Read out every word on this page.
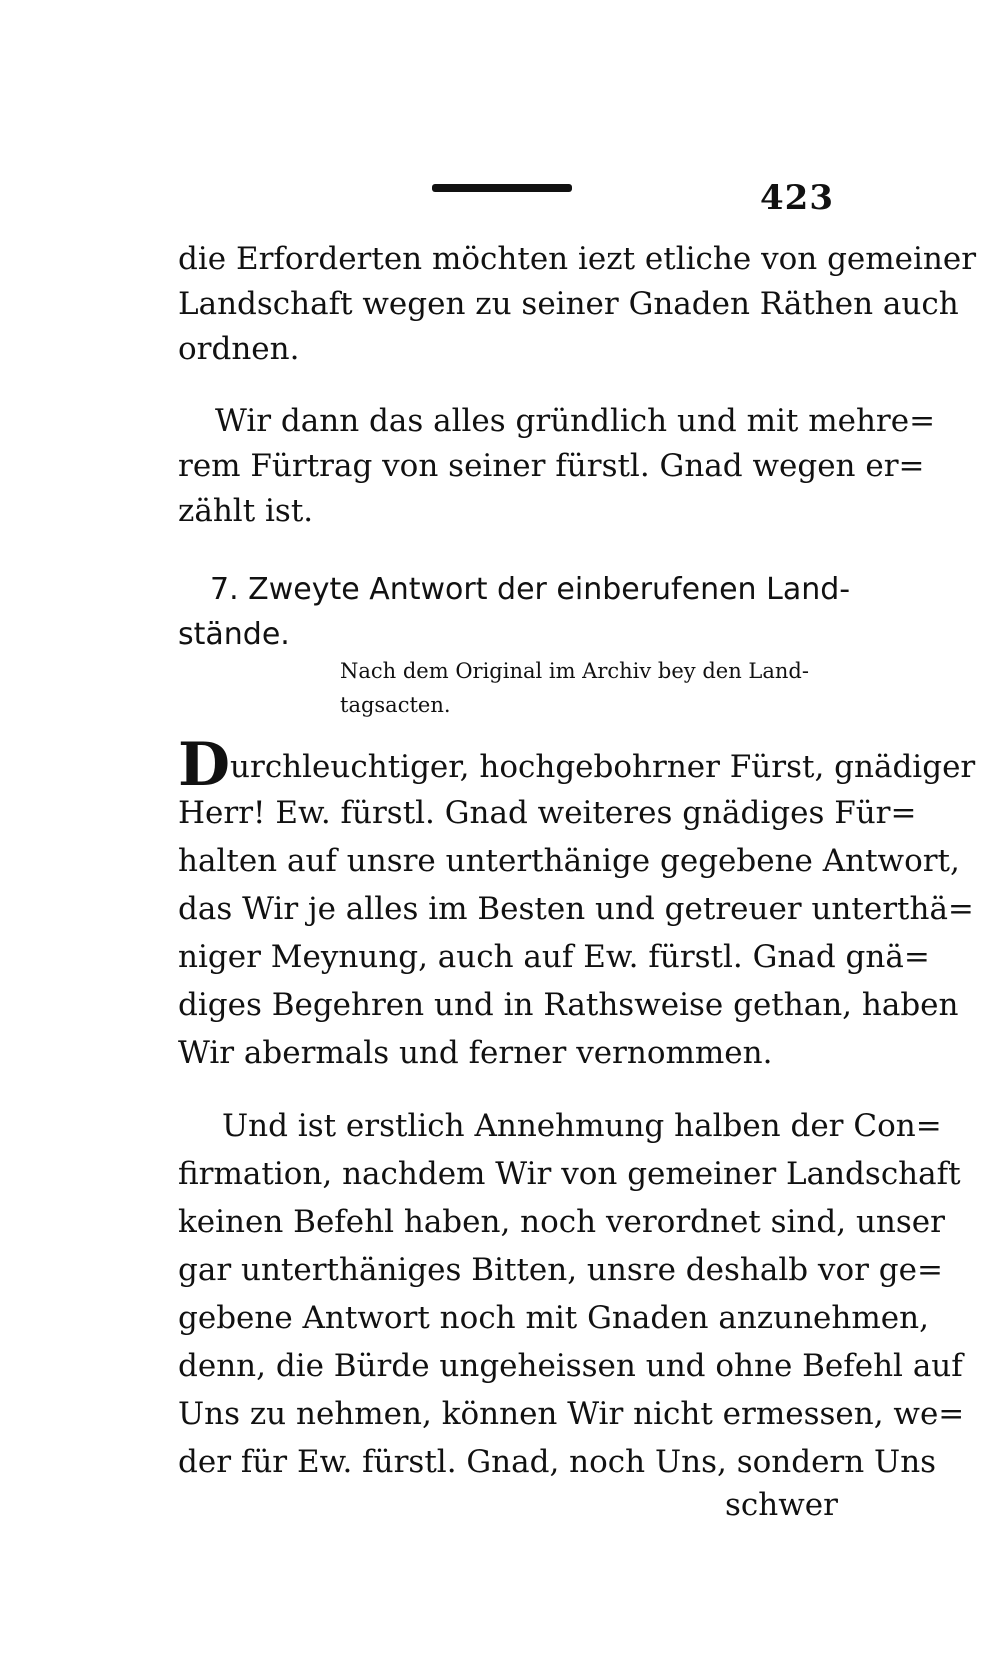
423
die Erforderten möchten iezt etliche von gemeiner
Landschaft wegen zu seiner Gnaden Räthen auch
ordnen.
Wir dann das alles gründlich und mit mehre=
rem Fürtrag von seiner fürstl. Gnad wegen er=
zählt ist.
7. Zweyte Antwort der einberufenen Land-
stände.
Nach dem Original im Archiv bey den Land-
tagsacten.
Durchleuchtiger, hochgebohrner Fürst, gnädiger
Herr! Ew. fürstl. Gnad weiteres gnädiges Für=
halten auf unsre unterthänige gegebene Antwort,
das Wir je alles im Besten und getreuer unterthä=
niger Meynung, auch auf Ew. fürstl. Gnad gnä=
diges Begehren und in Rathsweise gethan, haben
Wir abermals und ferner vernommen.
Und ist erstlich Annehmung halben der Con=
firmation, nachdem Wir von gemeiner Landschaft
keinen Befehl haben, noch verordnet sind, unser
gar unterthäniges Bitten, unsre deshalb vor ge=
gebene Antwort noch mit Gnaden anzunehmen,
denn, die Bürde ungeheissen und ohne Befehl auf
Uns zu nehmen, können Wir nicht ermessen, we=
der für Ew. fürstl. Gnad, noch Uns, sondern Uns
schwer
